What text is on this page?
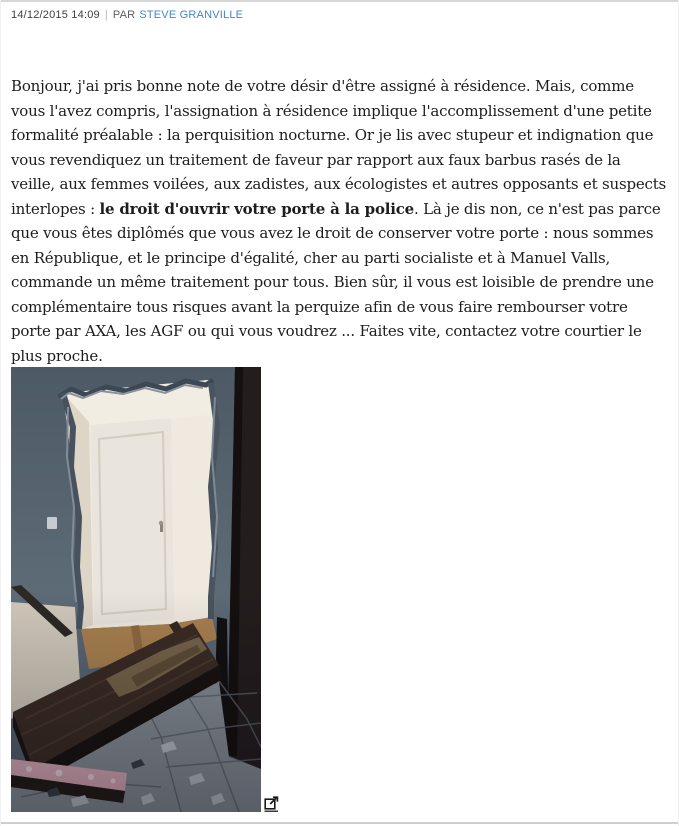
14/12/2015 14:09 | PAR STEVE GRANVILLE

Bonjour, j'ai pris bonne note de votre désir d'être assigné à résidence. Mais, comme vous l'avez compris, l'assignation à résidence implique l'accomplissement d'une petite formalité préalable : la perquisition nocturne. Or je lis avec stupeur et indignation que vous revendiquez un traitement de faveur par rapport aux faux barbus rasés de la veille, aux femmes voilées, aux zadistes, aux écologistes et autres opposants et suspects interlopes : le droit d'ouvrir votre porte à la police. Là je dis non, ce n'est pas parce que vous êtes diplômés que vous avez le droit de conserver votre porte : nous sommes en République, et le principe d'égalité, cher au parti socialiste et à Manuel Valls, commande un même traitement pour tous. Bien sûr, il vous est loisible de prendre une complémentaire tous risques avant la perquize afin de vous faire rembourser votre porte par AXA, les AGF ou qui vous voudrez ... Faites vite, contactez votre courtier le plus proche.
